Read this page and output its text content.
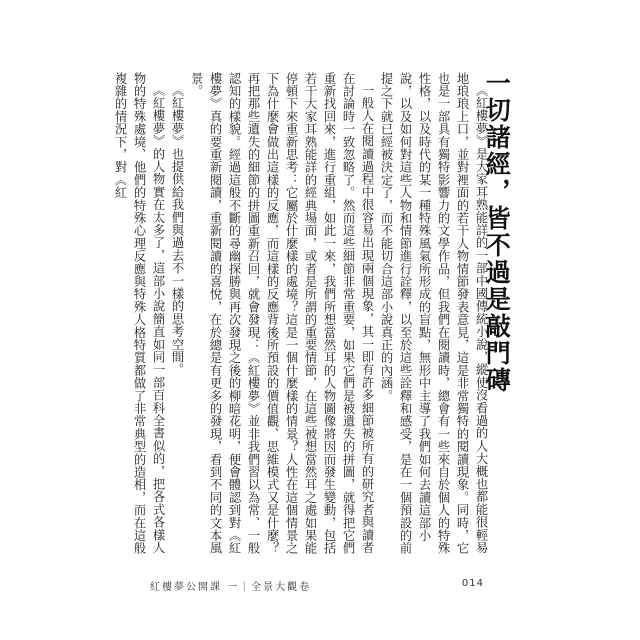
一切諸經，皆不過是敲門磚

《紅樓夢》是大家耳熟能詳的一部中國傳統小說，縱使沒看過的人大概也都能很輕易地琅琅上口，並對裡面的若干人物情節發表意見，這是非常獨特的閱讀現象。同時，它也是一部具有獨特影響力的文學作品，但我們在閱讀時，總會有一些來自於個人的特殊性格，以及時代的某一種特殊風氣所形成的盲點，無形中主導了我們如何去讀這部小說，以及如何對這些人物和情節進行詮釋，以至於這些詮釋和感受，是在一個預設的前提之下就已經被決定了，而不能切合這部小說真正的內涵。

一般人在閱讀過程中很容易出現兩個現象，其一即有許多細節被所有的研究者與讀者在討論時一致忽略了。然而這些細節非常重要，如果它們是被遺失的拼圖，就得把它們重新找回來，進行重組，如此一來，我們所想當然耳的人物圖像將因而發生變動，包括若干大家耳熟能詳的經典場面，或者是所謂的重要情節，在這些被想當然耳之處如果能停頓下來重新思考：它屬於什麼樣的處境？這是一個什麼樣的情景？人性在這個情景之下為什麼會做出這樣的反應，而這樣的反應背後所預設的價值觀、思維模式又是什麼？再把那些遺失的細節的拼圖重新召回，就會發現：《紅樓夢》並非我們習以為常、一般認知的樣貌。經過這般不斷的尋幽探勝與再次發現之後的柳暗花明，便會體認到對《紅樓夢》真的要重新閱讀，重新閱讀的喜悅，在於總是有更多的發現，看到不同的文本風景。

《紅樓夢》也提供給我們與過去不一樣的思考空間。

《紅樓夢》的人物實在太多了，這部小說簡直如同一部百科全書似的，把各式各樣人物的特殊處境、他們的特殊心理反應與特殊人格特質都做了非常典型的造相，而在這般複雜的情況下，對《紅

紅樓夢公開課 一｜全景大觀卷	014
